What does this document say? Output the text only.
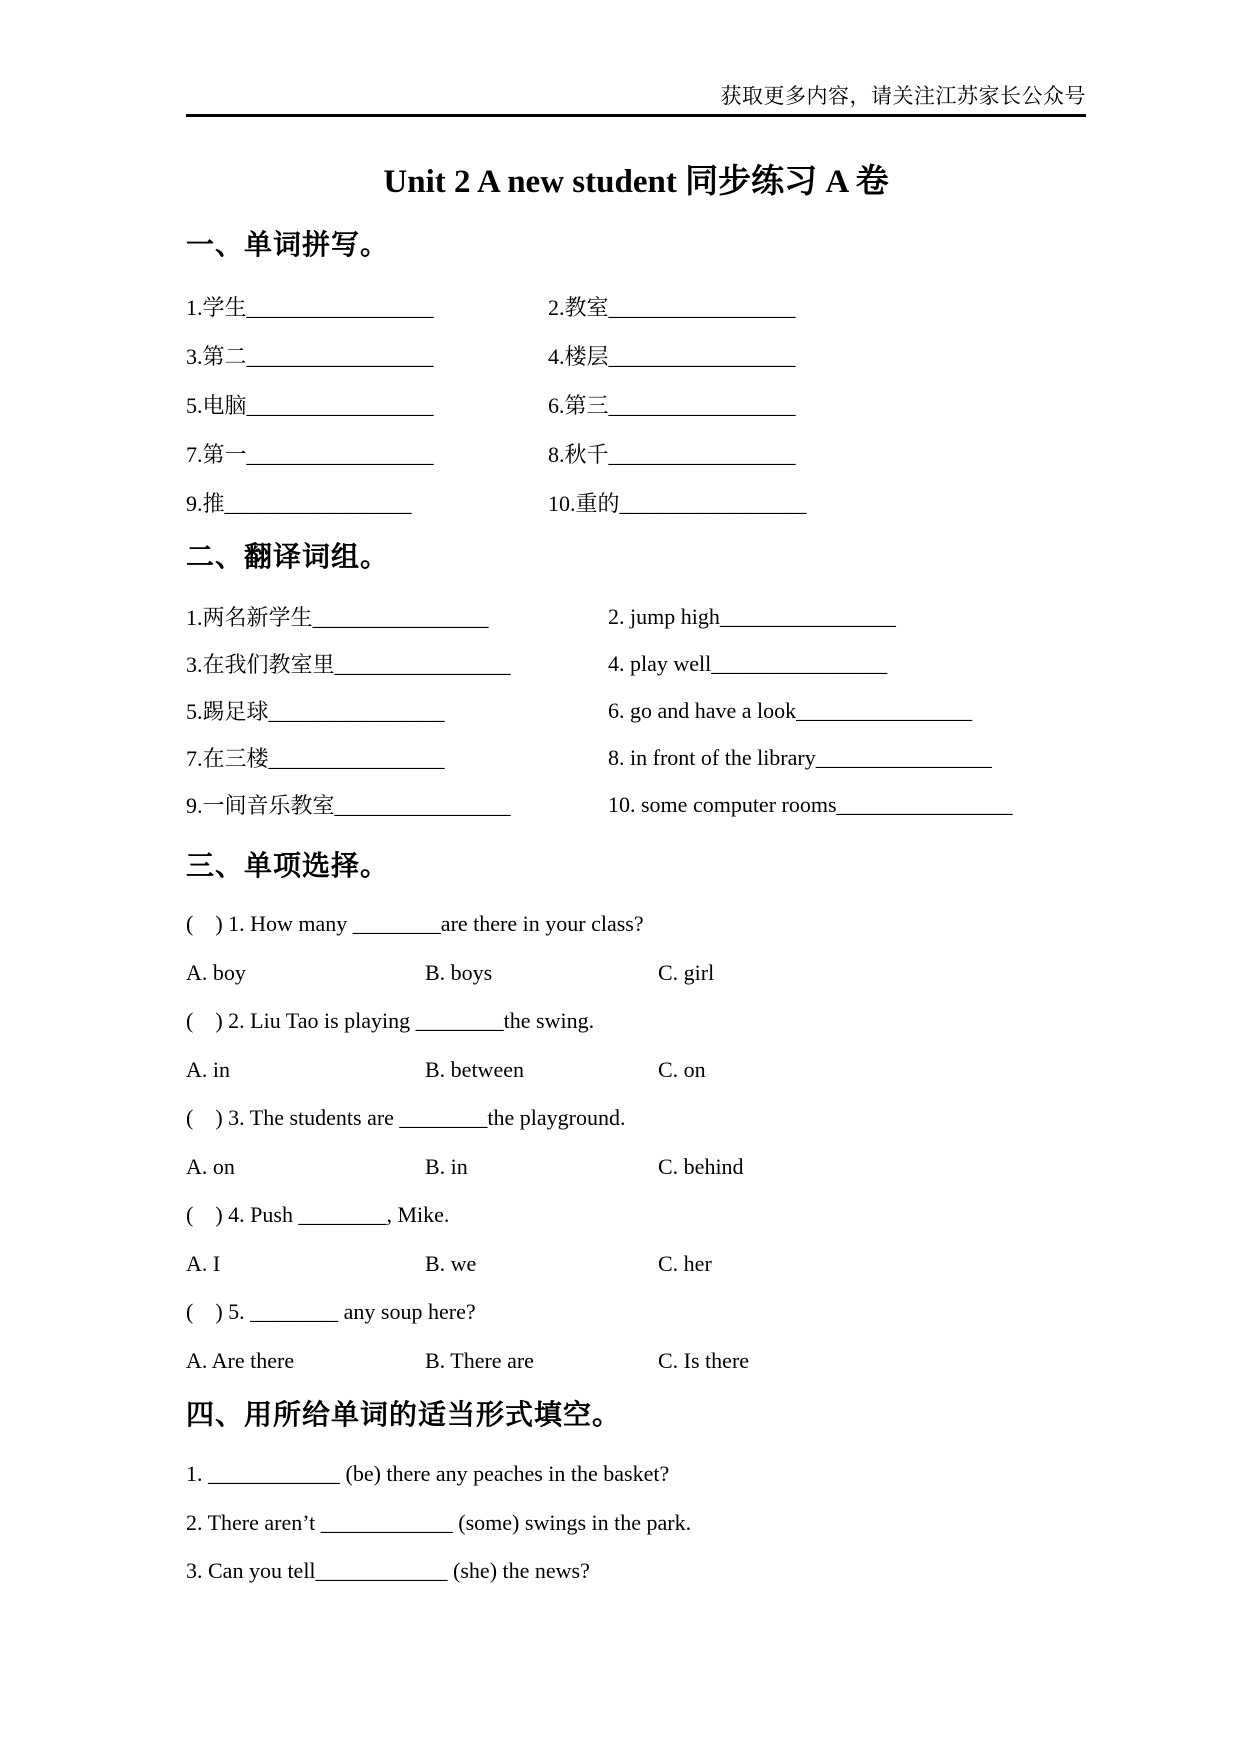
获取更多内容，请关注江苏家长公众号
Unit 2 A new student 同步练习 A 卷
一、单词拼写。
1.学生_________________	2.教室_________________
3.第二_________________	4.楼层_________________
5.电脑_________________	6.第三_________________
7.第一_________________	8.秋千_________________
9.推_________________	10.重的_________________
二、翻译词组。
1.两名新学生________________	2. jump high________________
3.在我们教室里________________	4. play well________________
5.踢足球________________	6. go and have a look________________
7.在三楼________________	8. in front of the library________________
9.一间音乐教室________________	10. some computer rooms________________
三、单项选择。
(    ) 1. How many ________are there in your class?
A. boy	B. boys	C. girl
(    ) 2. Liu Tao is playing ________the swing.
A. in	B. between	C. on
(    ) 3. The students are ________the playground.
A. on	B. in	C. behind
(    ) 4. Push ________, Mike.
A. I	B. we	C. her
(    ) 5. ________ any soup here?
A. Are there	B. There are	C. Is there
四、用所给单词的适当形式填空。
1. ____________ (be) there any peaches in the basket?
2. There aren’t ____________ (some) swings in the park.
3. Can you tell____________ (she) the news?
